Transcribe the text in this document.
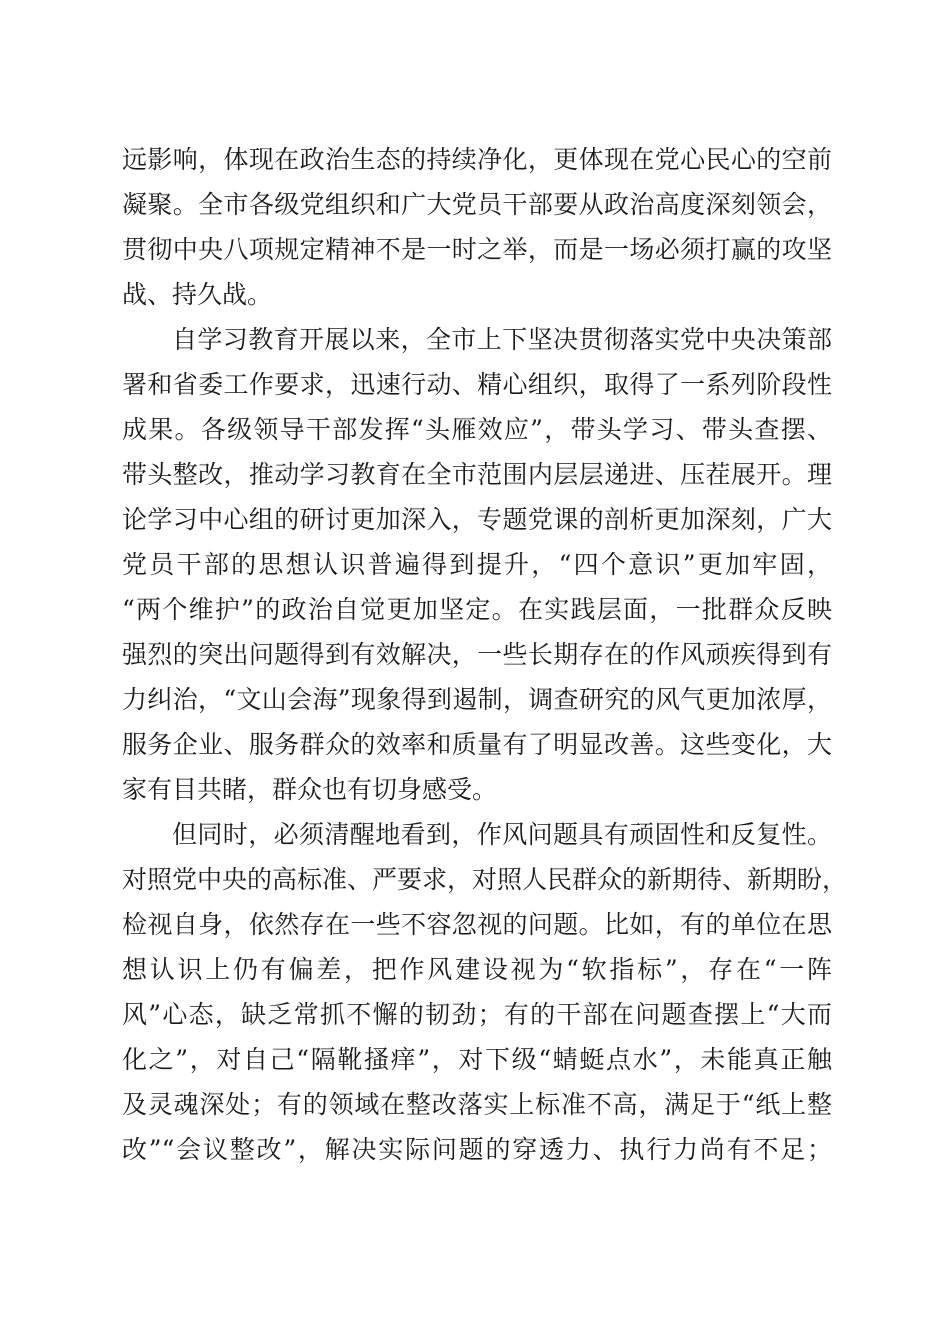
远影响，体现在政治生态的持续净化，更体现在党心民心的空前
凝聚。全市各级党组织和广大党员干部要从政治高度深刻领会，
贯彻中央八项规定精神不是一时之举，而是一场必须打赢的攻坚
战、持久战。
自学习教育开展以来，全市上下坚决贯彻落实党中央决策部
署和省委工作要求，迅速行动、精心组织，取得了一系列阶段性
成果。各级领导干部发挥“头雁效应”，带头学习、带头查摆、
带头整改，推动学习教育在全市范围内层层递进、压茬展开。理
论学习中心组的研讨更加深入，专题党课的剖析更加深刻，广大
党员干部的思想认识普遍得到提升，“四个意识”更加牢固，
“两个维护”的政治自觉更加坚定。在实践层面，一批群众反映
强烈的突出问题得到有效解决，一些长期存在的作风顽疾得到有
力纠治，“文山会海”现象得到遏制，调查研究的风气更加浓厚，
服务企业、服务群众的效率和质量有了明显改善。这些变化，大
家有目共睹，群众也有切身感受。
但同时，必须清醒地看到，作风问题具有顽固性和反复性。
对照党中央的高标准、严要求，对照人民群众的新期待、新期盼，
检视自身，依然存在一些不容忽视的问题。比如，有的单位在思
想认识上仍有偏差，把作风建设视为“软指标”，存在“一阵
风”心态，缺乏常抓不懈的韧劲；有的干部在问题查摆上“大而
化之”，对自己“隔靴搔痒”，对下级“蜻蜓点水”，未能真正触
及灵魂深处；有的领域在整改落实上标准不高，满足于“纸上整
改”“会议整改”，解决实际问题的穿透力、执行力尚有不足；
